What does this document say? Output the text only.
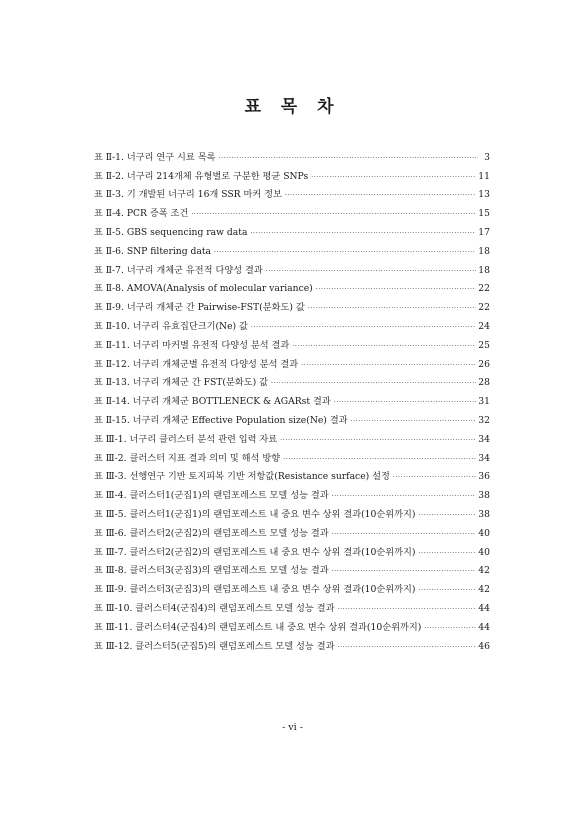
표 목 차
표 Ⅱ-1. 너구리 연구 시료 목록 · · ·	3
표 Ⅱ-2. 너구리 214개체 유형별로 구분한 평균 SNPs · · ·	11
표 Ⅱ-3. 기 개발된 너구리 16개 SSR 마커 정보 · · ·	13
표 Ⅱ-4. PCR 증폭 조건 · · ·	15
표 Ⅱ-5. GBS sequencing raw data · · ·	17
표 Ⅱ-6. SNP filtering data · · ·	18
표 Ⅱ-7. 너구리 개체군 유전적 다양성 결과 · · ·	18
표 Ⅱ-8. AMOVA(Analysis of molecular variance) · · ·	22
표 Ⅱ-9. 너구리 개체군 간 Pairwise-FST(분화도) 값 · · ·	22
표 Ⅱ-10. 너구리 유효집단크기(Ne) 값 · · ·	24
표 Ⅱ-11. 너구리 마커별 유전적 다양성 분석 결과 · · ·	25
표 Ⅱ-12. 너구리 개체군별 유전적 다양성 분석 결과 · · ·	26
표 Ⅱ-13. 너구리 개체군 간 FST(분화도) 값 · · ·	28
표 Ⅱ-14. 너구리 개체군 BOTTLENECK & AGARst 결과 · · ·	31
표 Ⅱ-15. 너구리 개체군 Effective Population size(Ne) 결과 · · ·	32
표 Ⅲ-1. 너구리 클러스터 분석 관련 입력 자료 · · ·	34
표 Ⅲ-2. 클러스터 지표 결과 의미 및 해석 방향 · · ·	34
표 Ⅲ-3. 선행연구 기반 토지피복 기반 저항값(Resistance surface) 설정 · · ·	36
표 Ⅲ-4. 클러스터1(군집1)의 랜덤포레스트 모델 성능 결과 · · ·	38
표 Ⅲ-5. 클러스터1(군집1)의 랜덤포레스트 내 중요 변수 상위 결과(10순위까지) · · ·	38
표 Ⅲ-6. 클러스터2(군집2)의 랜덤포레스트 모델 성능 결과 · · ·	40
표 Ⅲ-7. 클러스터2(군집2)의 랜덤포레스트 내 중요 변수 상위 결과(10순위까지) · · ·	40
표 Ⅲ-8. 클러스터3(군집3)의 랜덤포레스트 모델 성능 결과 · · ·	42
표 Ⅲ-9. 클러스터3(군집3)의 랜덤포레스트 내 중요 변수 상위 결과(10순위까지) · · ·	42
표 Ⅲ-10. 클러스터4(군집4)의 랜덤포레스트 모델 성능 결과 · · ·	44
표 Ⅲ-11. 클러스터4(군집4)의 랜덤포레스트 내 중요 변수 상위 결과(10순위까지) · · ·	44
표 Ⅲ-12. 클러스터5(군집5)의 랜덤포레스트 모델 성능 결과 · · ·	46
- vi -
